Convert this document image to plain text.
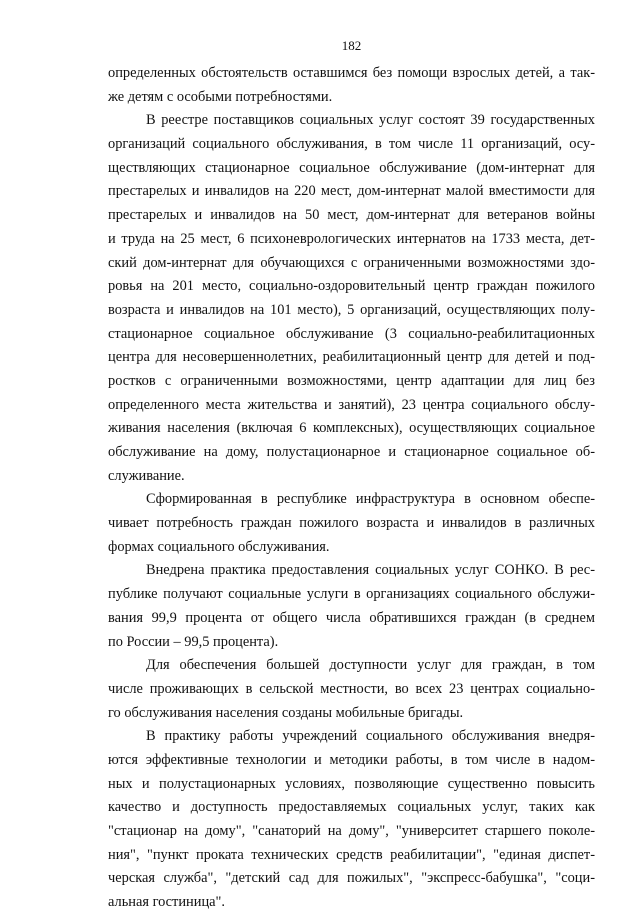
182
определенных обстоятельств оставшимся без помощи взрослых детей, а так-
же детям с особыми потребностями.
В реестре поставщиков социальных услуг состоят 39 государственных
организаций социального обслуживания, в том числе 11 организаций, осу-
ществляющих стационарное социальное обслуживание (дом-интернат для
престарелых и инвалидов на 220 мест, дом-интернат малой вместимости для
престарелых и инвалидов на 50 мест, дом-интернат для ветеранов войны
и труда на 25 мест, 6 психоневрологических интернатов на 1733 места, дет-
ский дом-интернат для обучающихся с ограниченными возможностями здо-
ровья на 201 место, социально-оздоровительный центр граждан пожилого
возраста и инвалидов на 101 место), 5 организаций, осуществляющих полу-
стационарное социальное обслуживание (3 социально-реабилитационных
центра для несовершеннолетних, реабилитационный центр для детей и под-
ростков с ограниченными возможностями, центр адаптации для лиц без
определенного места жительства и занятий), 23 центра социального обслу-
живания населения (включая 6 комплексных), осуществляющих социальное
обслуживание на дому, полустационарное и стационарное социальное об-
служивание.
Сформированная в республике инфраструктура в основном обеспе-
чивает потребность граждан пожилого возраста и инвалидов в различных
формах социального обслуживания.
Внедрена практика предоставления социальных услуг СОНКО. В рес-
публике получают социальные услуги в организациях социального обслужи-
вания 99,9 процента от общего числа обратившихся граждан (в среднем
по России – 99,5 процента).
Для обеспечения большей доступности услуг для граждан, в том
числе проживающих в сельской местности, во всех 23 центрах социально-
го обслуживания населения созданы мобильные бригады.
В практику работы учреждений социального обслуживания внедря-
ются эффективные технологии и методики работы, в том числе в надом-
ных и полустационарных условиях, позволяющие существенно повысить
качество и доступность предоставляемых социальных услуг, таких как
"стационар на дому", "санаторий на дому", "университет старшего поколе-
ния", "пункт проката технических средств реабилитации", "единая диспет-
черская служба", "детский сад для пожилых", "экспресс-бабушка", "соци-
альная гостиница".
